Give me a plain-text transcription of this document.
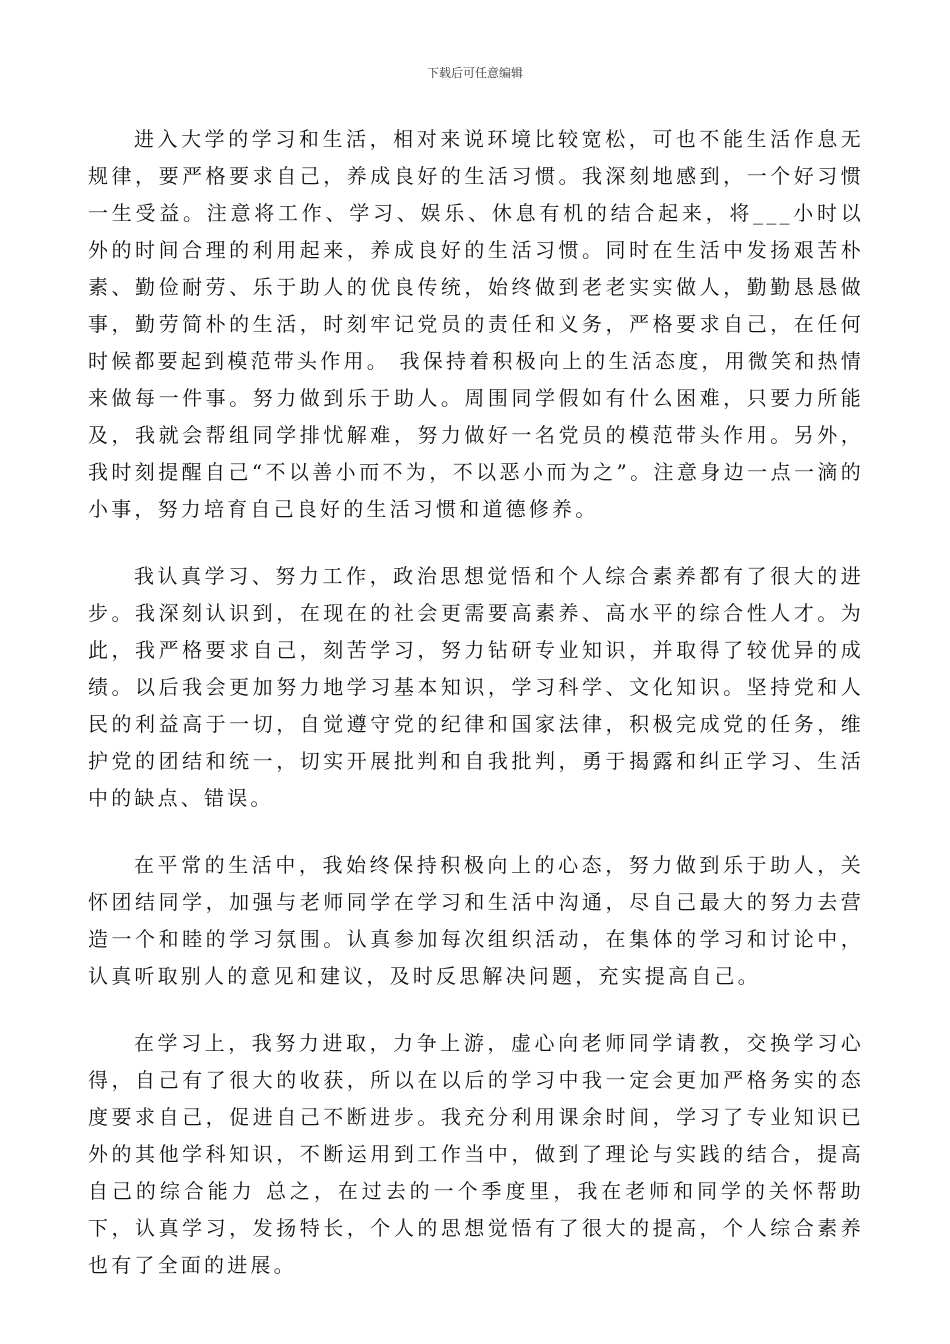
下载后可任意编辑

进入大学的学习和生活，相对来说环境比较宽松，可也不能生活作息无规律，要严格要求自己，养成良好的生活习惯。我深刻地感到，一个好习惯一生受益。注意将工作、学习、娱乐、休息有机的结合起来，将___小时以外的时间合理的利用起来，养成良好的生活习惯。同时在生活中发扬艰苦朴素、勤俭耐劳、乐于助人的优良传统，始终做到老老实实做人，勤勤恳恳做事，勤劳简朴的生活，时刻牢记党员的责任和义务，严格要求自己，在任何时候都要起到模范带头作用。 我保持着积极向上的生活态度，用微笑和热情来做每一件事。努力做到乐于助人。周围同学假如有什么困难，只要力所能及，我就会帮组同学排忧解难，努力做好一名党员的模范带头作用。另外，我时刻提醒自己“不以善小而不为，不以恶小而为之”。注意身边一点一滴的小事，努力培育自己良好的生活习惯和道德修养。

我认真学习、努力工作，政治思想觉悟和个人综合素养都有了很大的进步。我深刻认识到，在现在的社会更需要高素养、高水平的综合性人才。为此，我严格要求自己，刻苦学习，努力钻研专业知识，并取得了较优异的成绩。以后我会更加努力地学习基本知识，学习科学、文化知识。坚持党和人民的利益高于一切，自觉遵守党的纪律和国家法律，积极完成党的任务，维护党的团结和统一，切实开展批判和自我批判，勇于揭露和纠正学习、生活中的缺点、错误。

在平常的生活中，我始终保持积极向上的心态，努力做到乐于助人，关怀团结同学，加强与老师同学在学习和生活中沟通，尽自己最大的努力去营造一个和睦的学习氛围。认真参加每次组织活动，在集体的学习和讨论中，认真听取别人的意见和建议，及时反思解决问题，充实提高自己。

在学习上，我努力进取，力争上游，虚心向老师同学请教，交换学习心得，自己有了很大的收获，所以在以后的学习中我一定会更加严格务实的态度要求自己，促进自己不断进步。我充分利用课余时间，学习了专业知识已外的其他学科知识，不断运用到工作当中，做到了理论与实践的结合，提高自己的综合能力 总之，在过去的一个季度里，我在老师和同学的关怀帮助下，认真学习，发扬特长，个人的思想觉悟有了很大的提高，个人综合素养也有了全面的进展。
